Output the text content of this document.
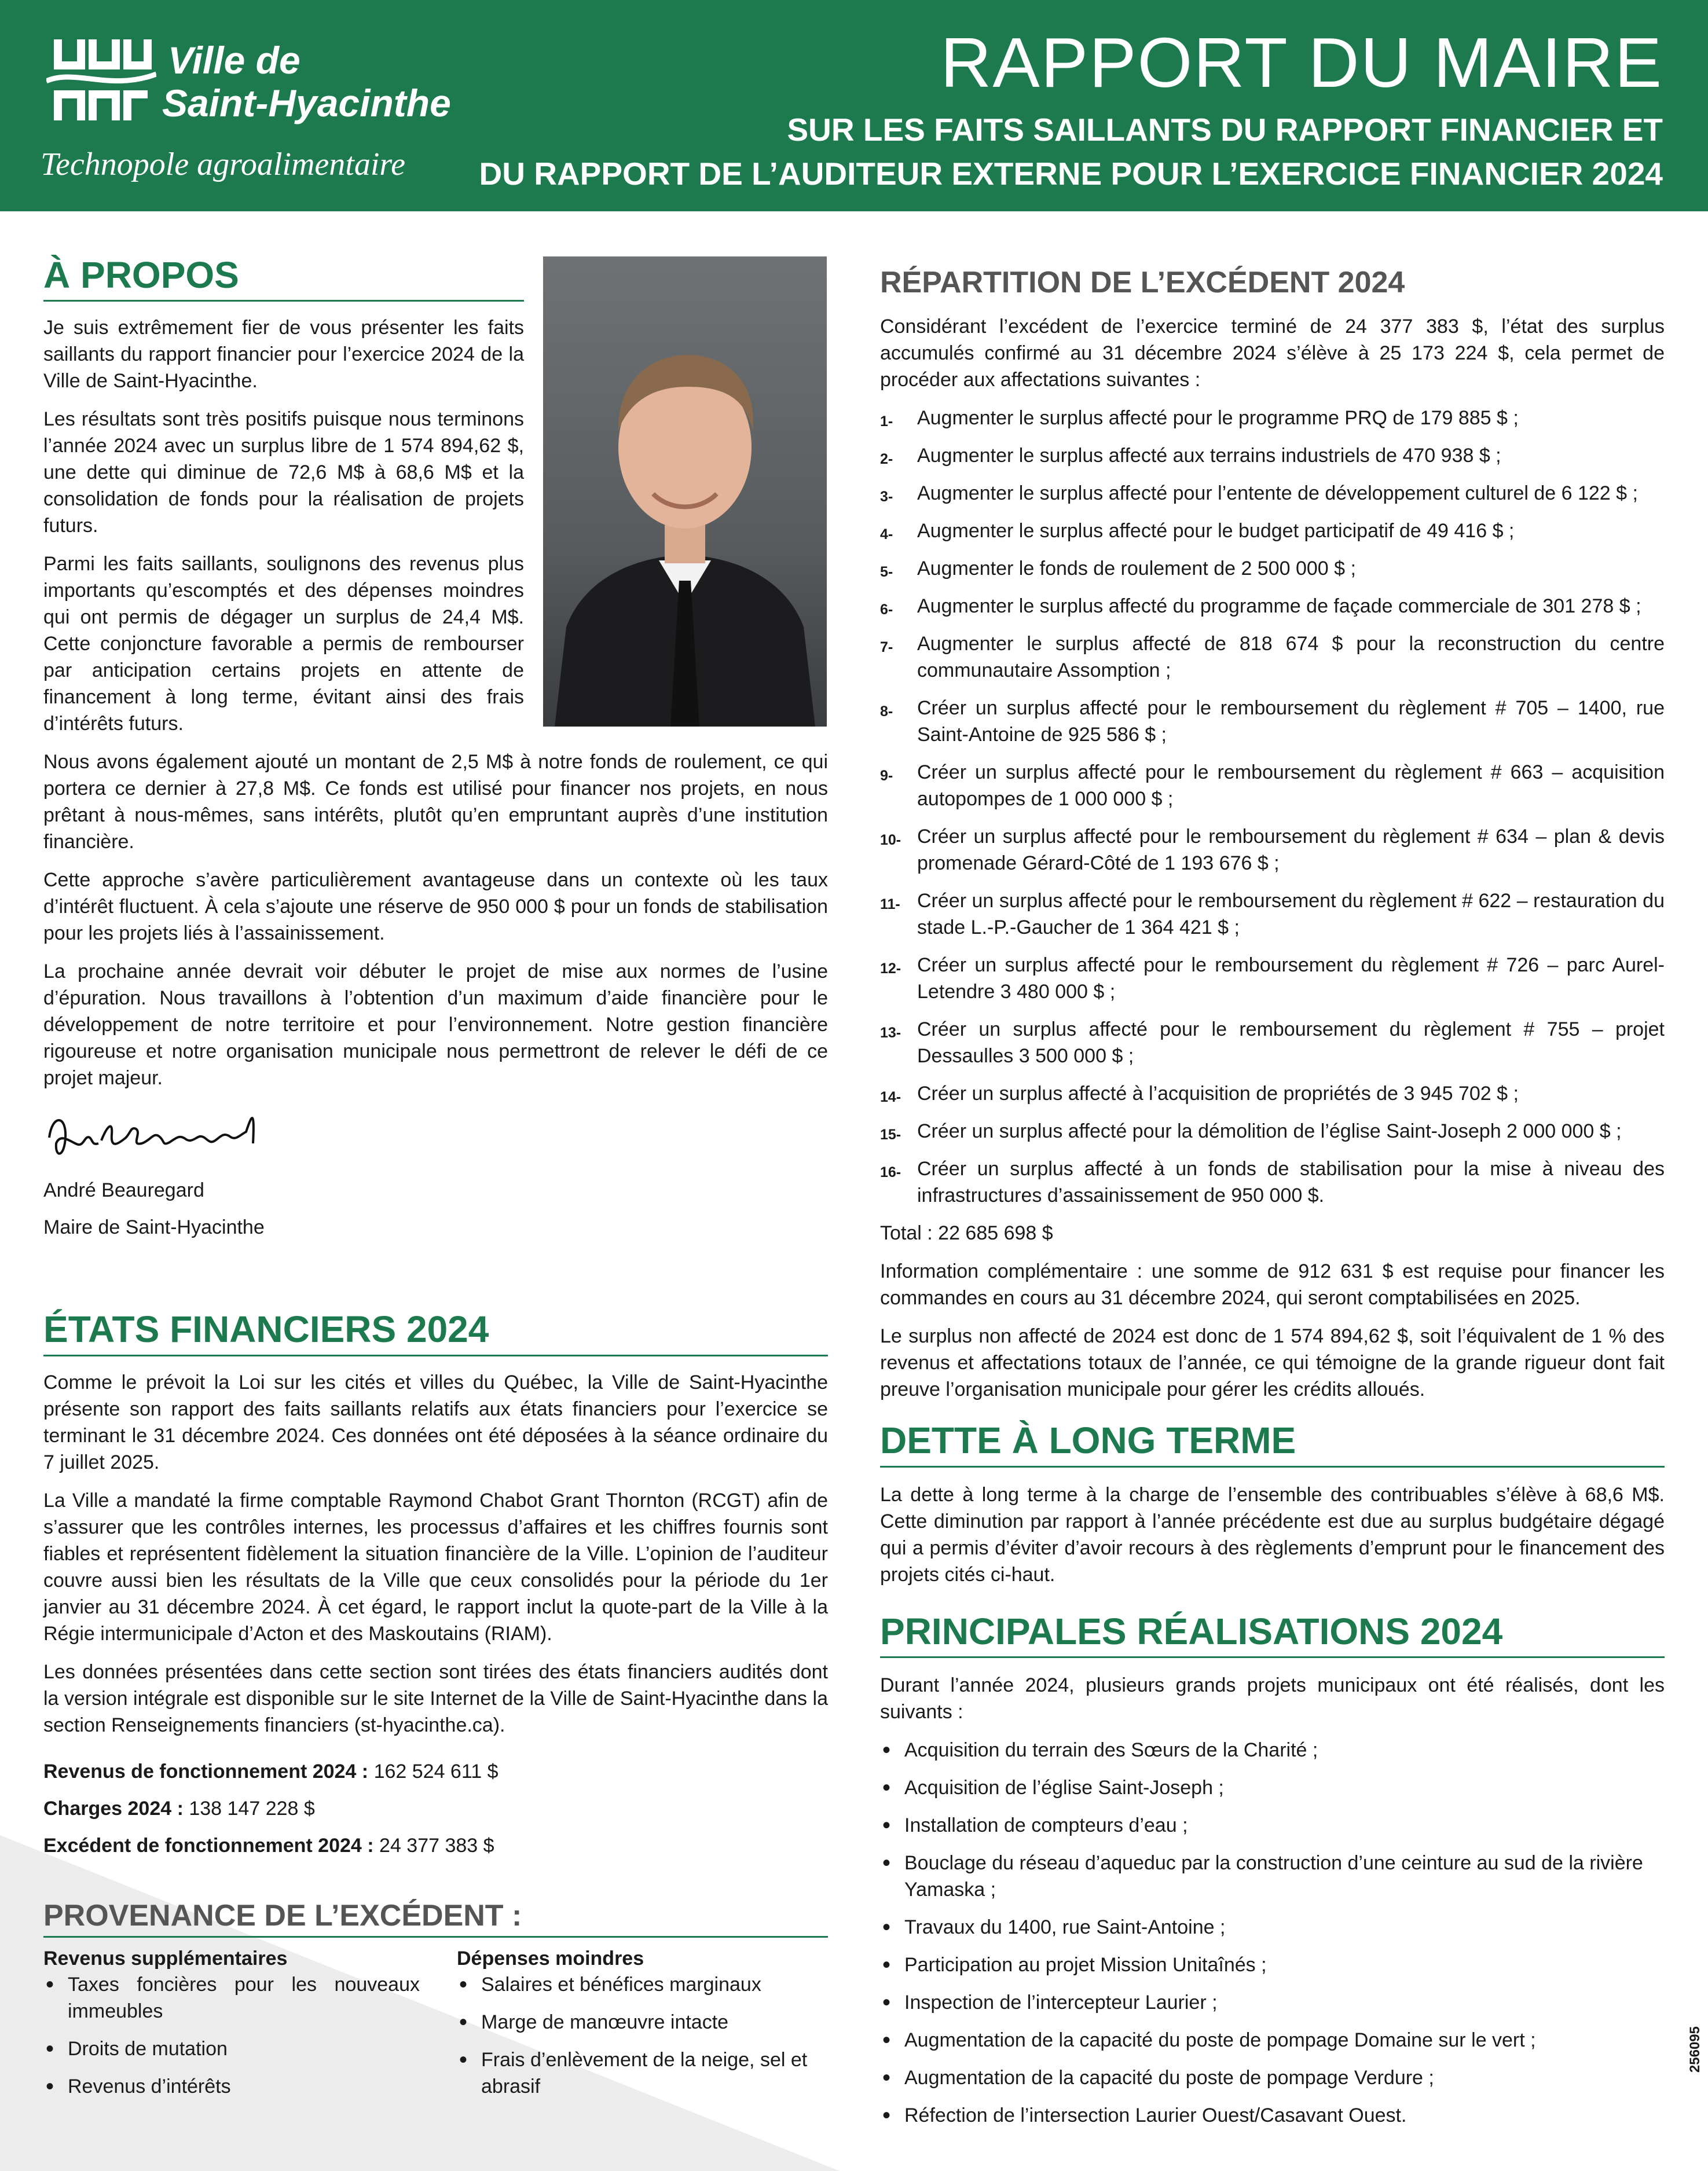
Ville de
Saint-Hyacinthe
Technopole agroalimentaire
RAPPORT DU MAIRE
SUR LES FAITS SAILLANTS DU RAPPORT FINANCIER ET
DU RAPPORT DE L’AUDITEUR EXTERNE POUR L’EXERCICE FINANCIER 2024
À PROPOS

Je suis extrêmement fier de vous présenter les faits saillants du rapport financier pour l’exercice 2024 de la Ville de Saint-Hyacinthe.

Les résultats sont très positifs puisque nous terminons l’année 2024 avec un surplus libre de 1 574 894,62 $, une dette qui diminue de 72,6 M$ à 68,6 M$ et la consolidation de fonds pour la réalisation de projets futurs.

Parmi les faits saillants, soulignons des revenus plus importants qu’escomptés et des dépenses moindres qui ont permis de dégager un surplus de 24,4 M$. Cette conjoncture favorable a permis de rembourser par anticipation certains projets en attente de financement à long terme, évitant ainsi des frais d’intérêts futurs.

Nous avons également ajouté un montant de 2,5 M$ à notre fonds de roulement, ce qui portera ce dernier à 27,8 M$. Ce fonds est utilisé pour financer nos projets, en nous prêtant à nous-mêmes, sans intérêts, plutôt qu’en empruntant auprès d’une institution financière.

Cette approche s’avère particulièrement avantageuse dans un contexte où les taux d’intérêt fluctuent. À cela s’ajoute une réserve de 950 000 $ pour un fonds de stabilisation pour les projets liés à l’assainissement.

La prochaine année devrait voir débuter le projet de mise aux normes de l’usine d’épuration. Nous travaillons à l’obtention d’un maximum d’aide financière pour le développement de notre territoire et pour l’environnement. Notre gestion financière rigoureuse et notre organisation municipale nous permettront de relever le défi de ce projet majeur.

André Beauregard
Maire de Saint-Hyacinthe
ÉTATS FINANCIERS 2024

Comme le prévoit la Loi sur les cités et villes du Québec, la Ville de Saint-Hyacinthe présente son rapport des faits saillants relatifs aux états financiers pour l’exercice se terminant le 31 décembre 2024. Ces données ont été déposées à la séance ordinaire du 7 juillet 2025.

La Ville a mandaté la firme comptable Raymond Chabot Grant Thornton (RCGT) afin de s’assurer que les contrôles internes, les processus d’affaires et les chiffres fournis sont fiables et représentent fidèlement la situation financière de la Ville. L’opinion de l’auditeur couvre aussi bien les résultats de la Ville que ceux consolidés pour la période du 1er janvier au 31 décembre 2024. À cet égard, le rapport inclut la quote-part de la Ville à la Régie intermunicipale d’Acton et des Maskoutains (RIAM).

Les données présentées dans cette section sont tirées des états financiers audités dont la version intégrale est disponible sur le site Internet de la Ville de Saint-Hyacinthe dans la section Renseignements financiers (st-hyacinthe.ca).

Revenus de fonctionnement 2024 : 162 524 611 $
Charges 2024 : 138 147 228 $
Excédent de fonctionnement 2024 : 24 377 383 $
PROVENANCE DE L’EXCÉDENT :
Revenus supplémentaires
• Taxes foncières pour les nouveaux immeubles
• Droits de mutation
• Revenus d’intérêts
Dépenses moindres
• Salaires et bénéfices marginaux
• Marge de manœuvre intacte
• Frais d’enlèvement de la neige, sel et abrasif
RÉPARTITION DE L’EXCÉDENT 2024

Considérant l’excédent de l’exercice terminé de 24 377 383 $, l’état des surplus accumulés confirmé au 31 décembre 2024 s’élève à 25 173 224 $, cela permet de procéder aux affectations suivantes :

1- Augmenter le surplus affecté pour le programme PRQ de 179 885 $ ;
2- Augmenter le surplus affecté aux terrains industriels de 470 938 $ ;
3- Augmenter le surplus affecté pour l’entente de développement culturel de 6 122 $ ;
4- Augmenter le surplus affecté pour le budget participatif de 49 416 $ ;
5- Augmenter le fonds de roulement de 2 500 000 $ ;
6- Augmenter le surplus affecté du programme de façade commerciale de 301 278 $ ;
7- Augmenter le surplus affecté de 818 674 $ pour la reconstruction du centre communautaire Assomption ;
8- Créer un surplus affecté pour le remboursement du règlement # 705 – 1400, rue Saint-Antoine de 925 586 $ ;
9- Créer un surplus affecté pour le remboursement du règlement # 663 – acquisition autopompes de 1 000 000 $ ;
10- Créer un surplus affecté pour le remboursement du règlement # 634 – plan & devis promenade Gérard-Côté de 1 193 676 $ ;
11- Créer un surplus affecté pour le remboursement du règlement # 622 – restauration du stade L.-P.-Gaucher de 1 364 421 $ ;
12- Créer un surplus affecté pour le remboursement du règlement # 726 – parc Aurel-Letendre 3 480 000 $ ;
13- Créer un surplus affecté pour le remboursement du règlement # 755 – projet Dessaulles 3 500 000 $ ;
14- Créer un surplus affecté à l’acquisition de propriétés de 3 945 702 $ ;
15- Créer un surplus affecté pour la démolition de l’église Saint-Joseph 2 000 000 $ ;
16- Créer un surplus affecté à un fonds de stabilisation pour la mise à niveau des infrastructures d’assainissement de 950 000 $.

Total : 22 685 698 $

Information complémentaire : une somme de 912 631 $ est requise pour financer les commandes en cours au 31 décembre 2024, qui seront comptabilisées en 2025.

Le surplus non affecté de 2024 est donc de 1 574 894,62 $, soit l’équivalent de 1 % des revenus et affectations totaux de l’année, ce qui témoigne de la grande rigueur dont fait preuve l’organisation municipale pour gérer les crédits alloués.

DETTE À LONG TERME

La dette à long terme à la charge de l’ensemble des contribuables s’élève à 68,6 M$. Cette diminution par rapport à l’année précédente est due au surplus budgétaire dégagé qui a permis d’éviter d’avoir recours à des règlements d’emprunt pour le financement des projets cités ci-haut.

PRINCIPALES RÉALISATIONS 2024

Durant l’année 2024, plusieurs grands projets municipaux ont été réalisés, dont les suivants :

• Acquisition du terrain des Sœurs de la Charité ;
• Acquisition de l’église Saint-Joseph ;
• Installation de compteurs d’eau ;
• Bouclage du réseau d’aqueduc par la construction d’une ceinture au sud de la rivière Yamaska ;
• Travaux du 1400, rue Saint-Antoine ;
• Participation au projet Mission Unitaînés ;
• Inspection de l’intercepteur Laurier ;
• Augmentation de la capacité du poste de pompage Domaine sur le vert ;
• Augmentation de la capacité du poste de pompage Verdure ;
• Réfection de l’intersection Laurier Ouest/Casavant Ouest.
256095
